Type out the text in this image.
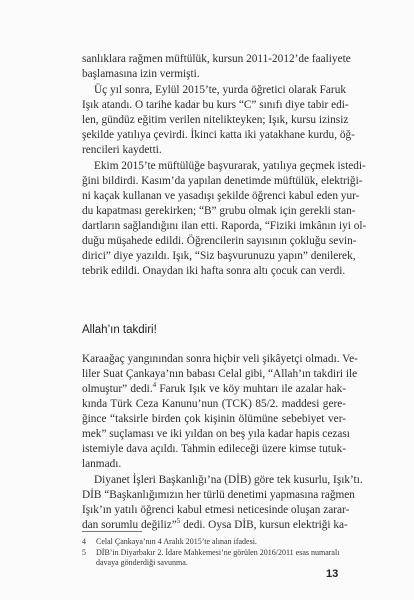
sanlıklara rağmen müftülük, kursun 2011-2012’de faaliyete
başlamasına izin vermişti.
Üç yıl sonra, Eylül 2015’te, yurda öğretici olarak Faruk
Işık atandı. O tarihe kadar bu kurs “C” sınıfı diye tabir edi-
len, gündüz eğitim verilen nitelikteyken; Işık, kursu izinsiz
şekilde yatılıya çevirdi. İkinci katta iki yatakhane kurdu, öğ-
rencileri kaydetti.
Ekim 2015’te müftülüğe başvurarak, yatılıya geçmek istedi-
ğini bildirdi. Kasım’da yapılan denetimde müftülük, elektriği-
ni kaçak kullanan ve yasadışı şekilde öğrenci kabul eden yur-
du kapatması gerekirken; “B” grubu olmak için gerekli stan-
dartların sağlandığını ilan etti. Raporda, “Fiziki imkânın iyi ol-
duğu müşahede edildi. Öğrencilerin sayısının çokluğu sevin-
dirici” diye yazıldı. Işık, “Siz başvurunuzu yapın” denilerek,
tebrik edildi. Onaydan iki hafta sonra altı çocuk can verdi.
Allah’ın takdiri!
Karaağaç yangınından sonra hiçbir veli şikâyetçi olmadı. Ve-
liler Suat Çankaya’nın babası Celal gibi, “Allah’ın takdiri ile
olmuştur” dedi.$^4$ Faruk Işık ve köy muhtarı ile azalar hak-
kında Türk Ceza Kanunu’nun (TCK) 85/2. maddesi gere-
ğince “taksirle birden çok kişinin ölümüne sebebiyet ver-
mek” suçlaması ve iki yıldan on beş yıla kadar hapis cezası
istemiyle dava açıldı. Tahmin edileceği üzere kimse tutuk-
lanmadı.
Diyanet İşleri Başkanlığı’na (DİB) göre tek kusurlu, Işık’tı.
DİB “Başkanlığımızın her türlü denetimi yapmasına rağmen
Işık’ın yatılı öğrenci kabul etmesi neticesinde oluşan zarar-
dan sorumlu değiliz”$^5$ dedi. Oysa DİB, kursun elektriği ka-
4 Celal Çankaya’nın 4 Aralık 2015’te alınan ifadesi.
5 DİB’in Diyarbakır 2. İdare Mahkemesi’ne görülen 2016/2011 esas numaralı
davaya gönderdiği savunma.
13
